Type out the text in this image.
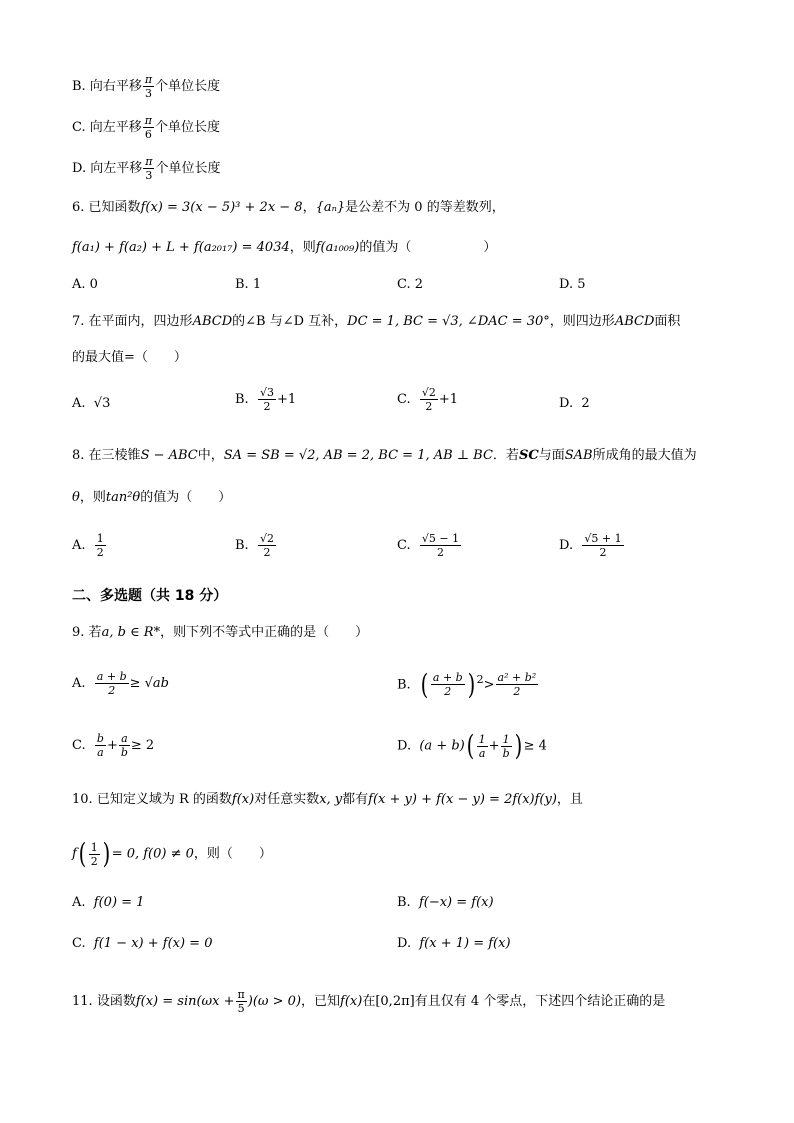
B. 向右平移 $\frac{\pi}{3}$ 个单位长度
C. 向左平移 $\frac{\pi}{6}$ 个单位长度
D. 向左平移 $\frac{\pi}{3}$ 个单位长度
6. 已知函数f(x) = 3(x − 5)³ + 2x − 8，{aₙ}是公差不为 0 的等差数列，
f(a₁) + f(a₂) + L + f(a₂₀₁₇) = 4034，则f(a₁₀₀₉)的值为（	）
A. 0	B. 1	C. 2	D. 5
7. 在平面内，四边形ABCD的∠B 与∠D 互补，DC = 1, BC = √3, ∠DAC = 30°，则四边形ABCD面积
的最大值=（　　）
A. √3	B. $\frac{√3}{2} +1$	C. $\frac{√2}{2} +1$	D. 2
8. 在三棱锥S − ABC中，SA = SB = √2, AB = 2, BC = 1, AB ⊥ BC．若SC与面SAB所成角的最大值为
θ，则tan²θ的值为（　　）
A. $\frac{1}{2}$	B. $\frac{√2}{2}$	C. $\frac{√5 - 1}{2}$	D. $\frac{√5 + 1}{2}$
二、多选题（共 18 分）
9. 若a, b ∈ R*，则下列不等式中正确的是（　　）
A. $\frac{a + b}{2} \ge √ab$	B. ( $\frac{a + b}{2}$ ) $^2> \frac{\text{a² + b²}}{2}$
C. $\frac{b}{a} + \frac{a}{b} \ge 2$	D. $(a + b)( \frac{1}{a} + \frac{1}{b}$ ) ≥ 4
10. 已知定义域为 R 的函数f(x)对任意实数x, y都有f(x + y) + f(x − y) = 2f(x)f(y)，且
$f( \frac{1}{2}$ ) = 0, f(0) ≠ 0，则（　　）
A. f(0) = 1	B. f(−x) = f(x)
C. f(1 − x) + f(x) = 0	D. f(x + 1) = f(x)
11. 设函数$f(x) = \sin(\omega x + \frac{\pi}{5} )(\omega > 0)$，已知f(x)在[0,2π]有且仅有 4 个零点，下述四个结论正确的是
